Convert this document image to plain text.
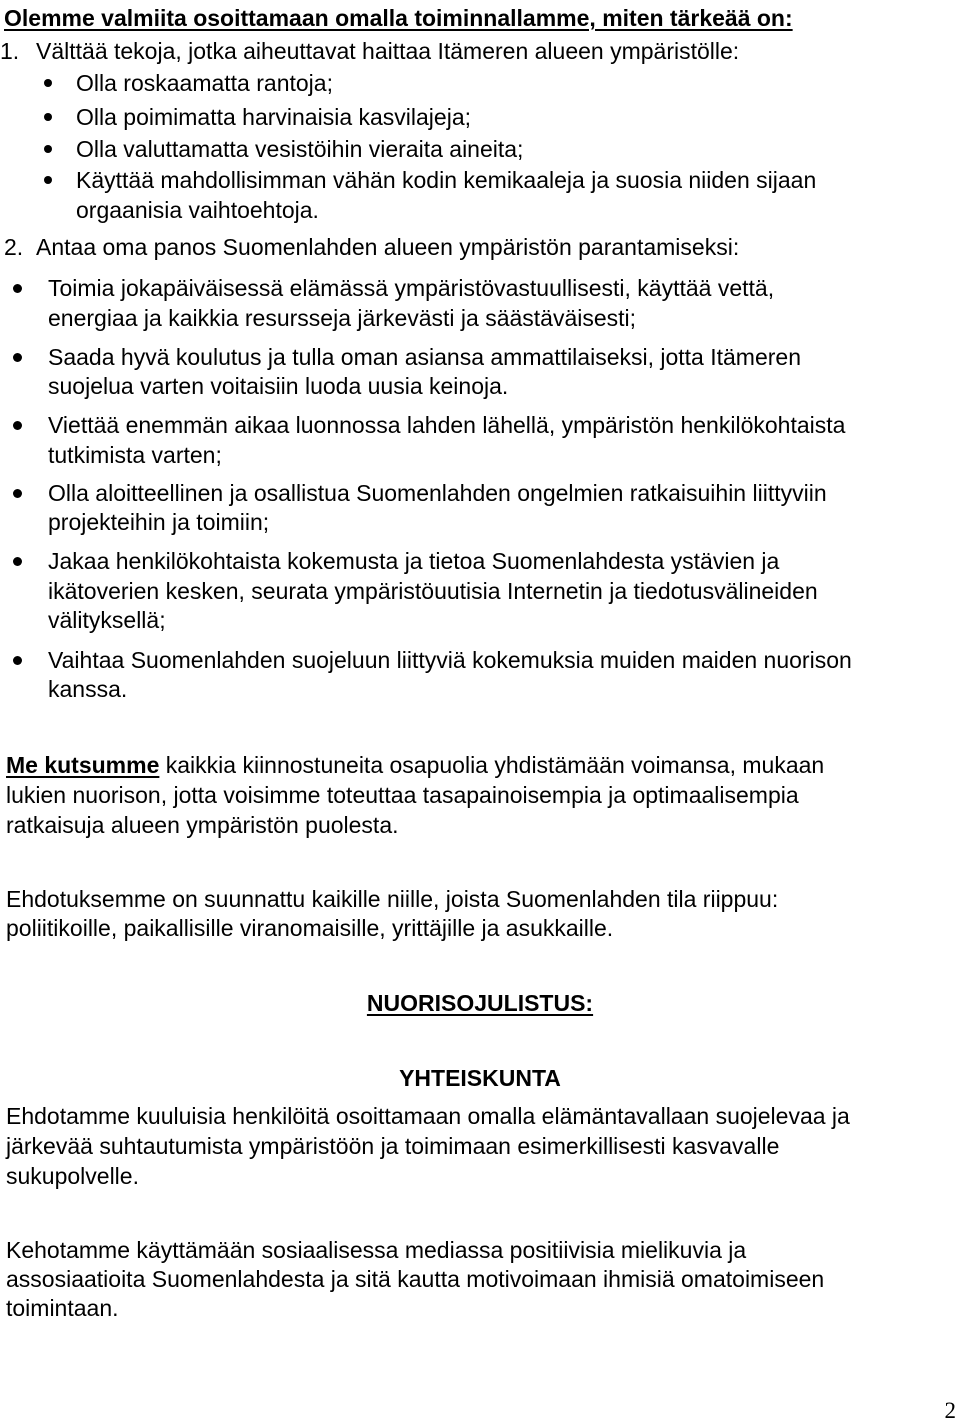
Olemme valmiita osoittamaan omalla toiminnallamme, miten tärkeää on:
1. Välttää tekoja, jotka aiheuttavat haittaa Itämeren alueen ympäristölle:
Olla roskaamatta rantoja;
Olla poimimatta harvinaisia kasvilajeja;
Olla valuttamatta vesistöihin vieraita aineita;
Käyttää mahdollisimman vähän kodin kemikaaleja ja suosia niiden sijaan
orgaanisia vaihtoehtoja.
2. Antaa oma panos Suomenlahden alueen ympäristön parantamiseksi:
Toimia jokapäiväisessä elämässä ympäristövastuullisesti, käyttää vettä,
energiaa ja kaikkia resursseja järkevästi ja säästäväisesti;
Saada hyvä koulutus ja tulla oman asiansa ammattilaiseksi, jotta Itämeren
suojelua varten voitaisiin luoda uusia keinoja.
Viettää enemmän aikaa luonnossa lahden lähellä, ympäristön henkilökohtaista
tutkimista varten;
Olla aloitteellinen ja osallistua Suomenlahden ongelmien ratkaisuihin liittyviin
projekteihin ja toimiin;
Jakaa henkilökohtaista kokemusta ja tietoa Suomenlahdesta ystävien ja
ikätoverien kesken, seurata ympäristöuutisia Internetin ja tiedotusvälineiden
välityksellä;
Vaihtaa Suomenlahden suojeluun liittyviä kokemuksia muiden maiden nuorison
kanssa.
Me kutsumme kaikkia kiinnostuneita osapuolia yhdistämään voimansa, mukaan
lukien nuorison, jotta voisimme toteuttaa tasapainoisempia ja optimaalisempia
ratkaisuja alueen ympäristön puolesta.
Ehdotuksemme on suunnattu kaikille niille, joista Suomenlahden tila riippuu:
poliitikoille, paikallisille viranomaisille, yrittäjille ja asukkaille.
NUORISOJULISTUS:
YHTEISKUNTA
Ehdotamme kuuluisia henkilöitä osoittamaan omalla elämäntavallaan suojelevaa ja
järkevää suhtautumista ympäristöön ja toimimaan esimerkillisesti kasvavalle
sukupolvelle.
Kehotamme käyttämään sosiaalisessa mediassa positiivisia mielikuvia ja
assosiaatioita Suomenlahdesta ja sitä kautta motivoimaan ihmisiä omatoimiseen
toimintaan.
2
